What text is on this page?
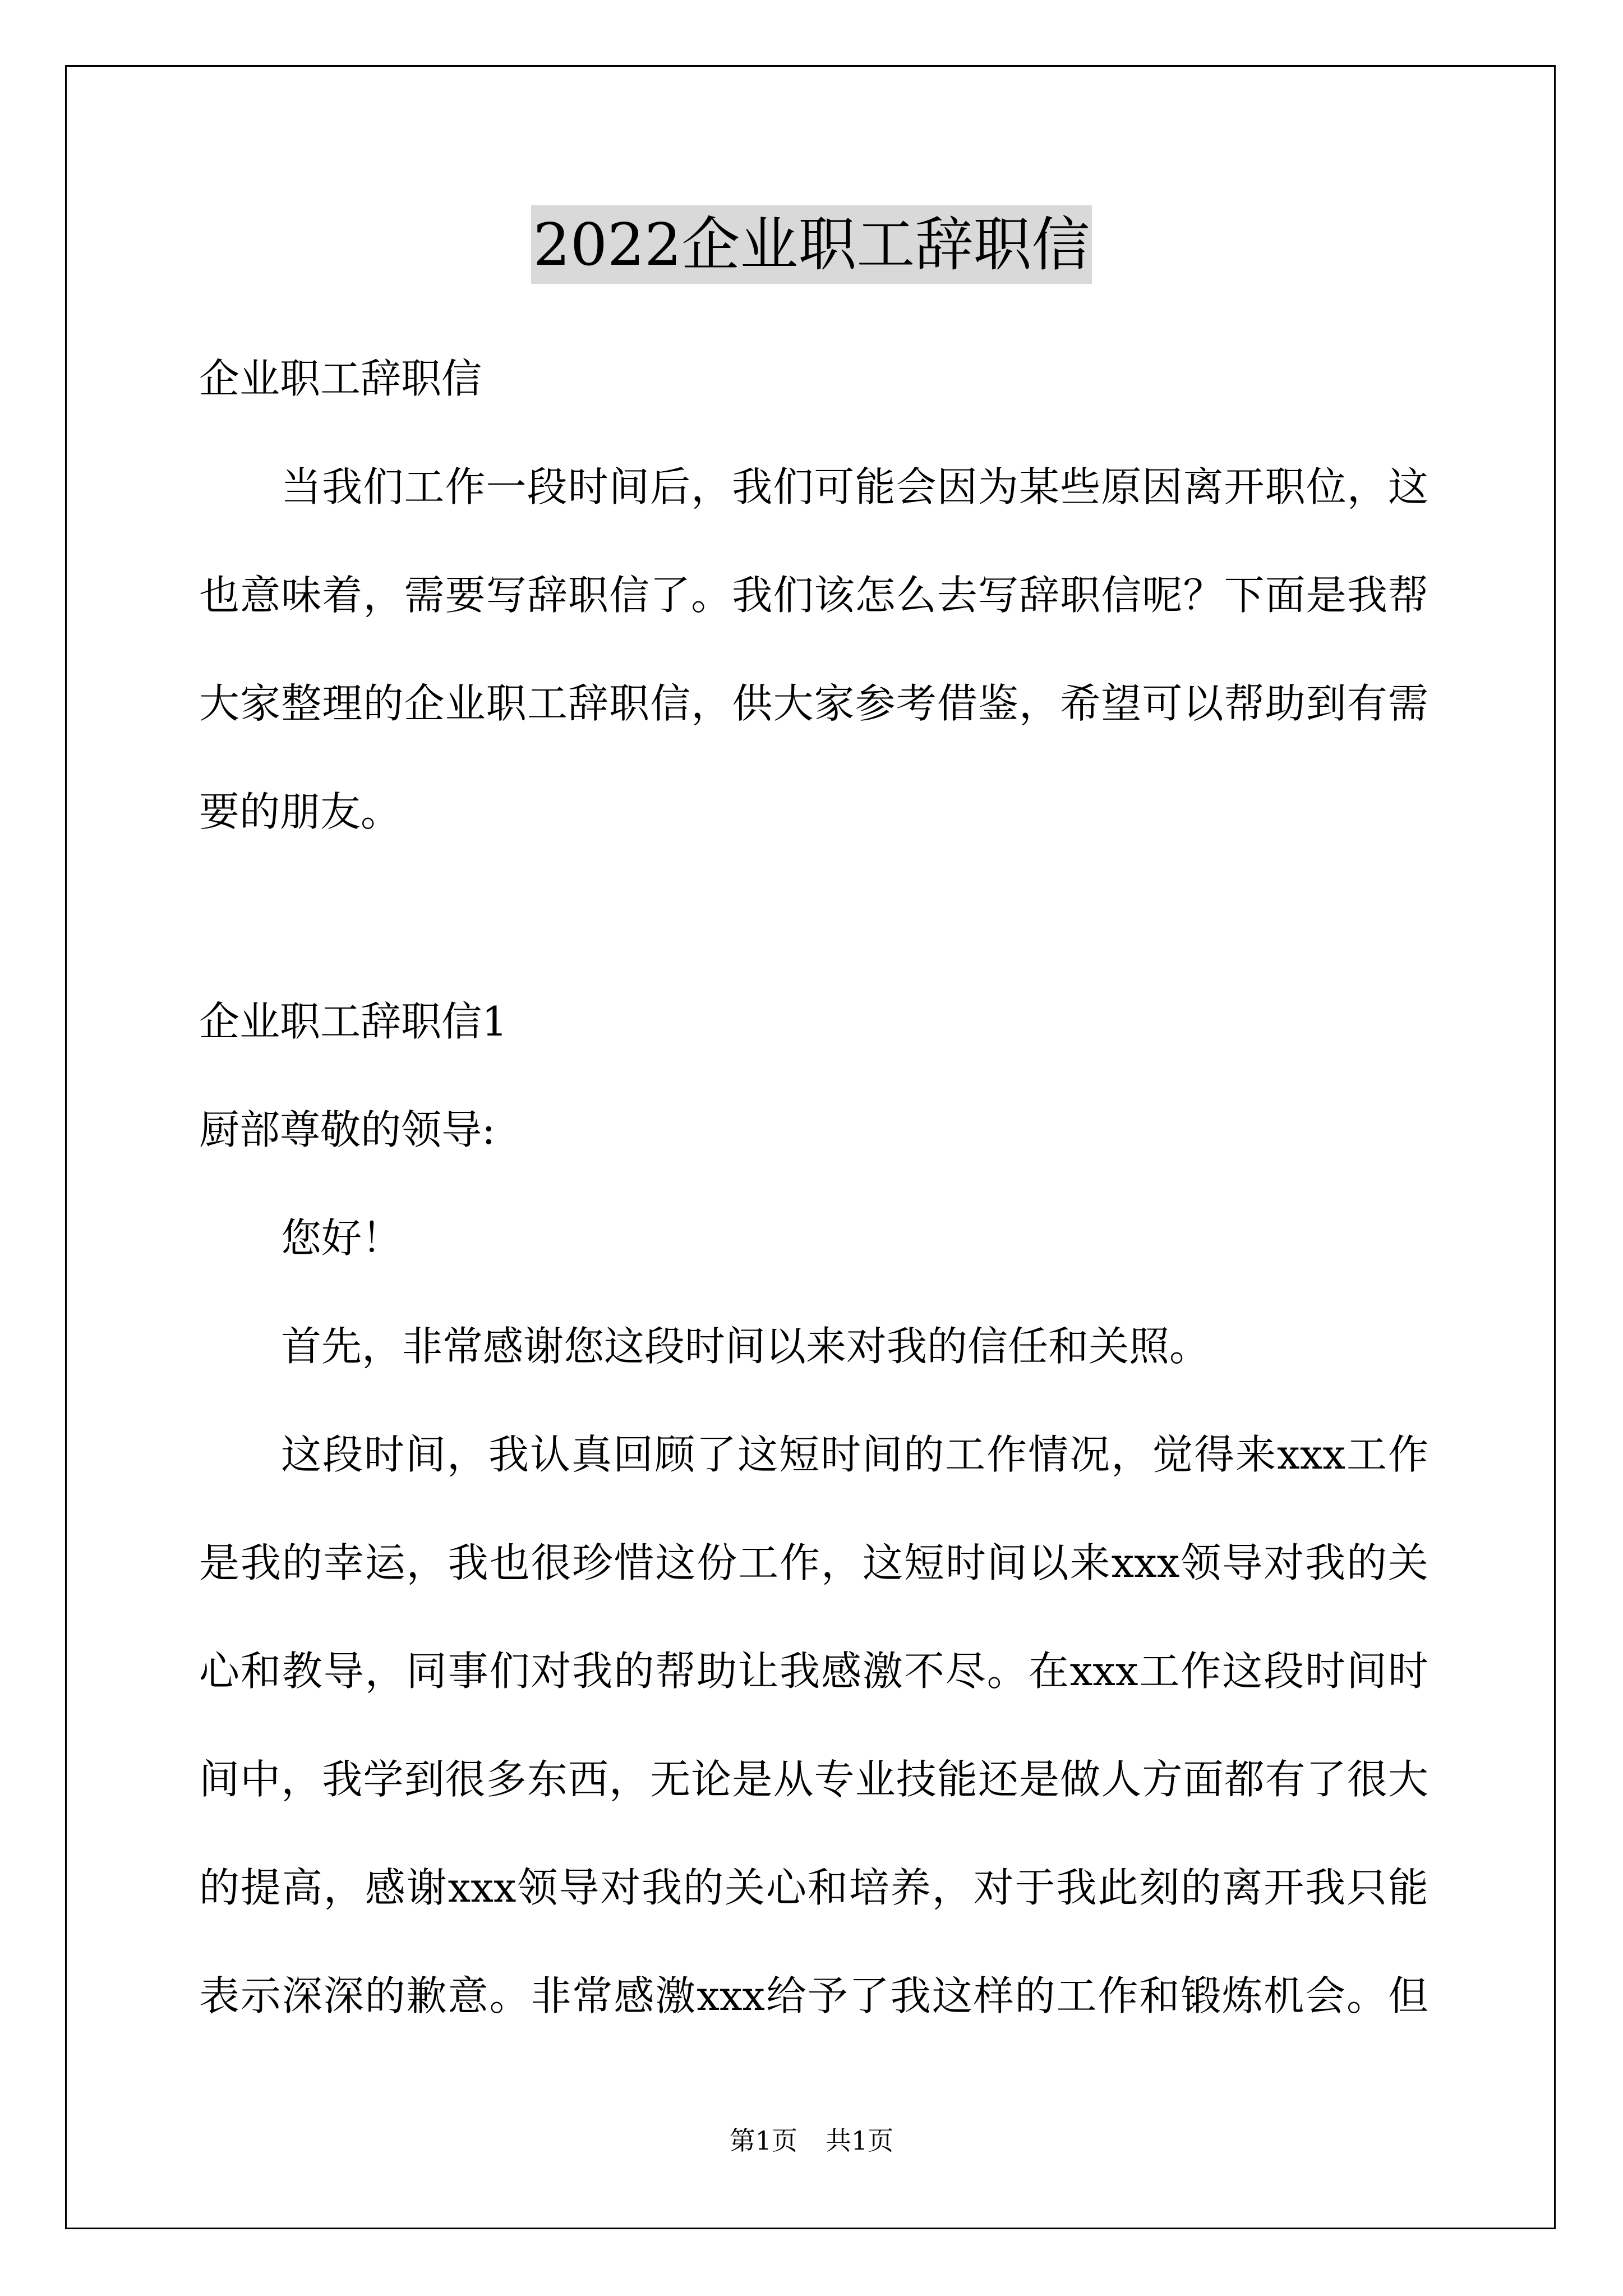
2022企业职工辞职信
企业职工辞职信
当我们工作一段时间后，我们可能会因为某些原因离开职位，这
也意味着，需要写辞职信了。我们该怎么去写辞职信呢？下面是我帮
大家整理的企业职工辞职信，供大家参考借鉴，希望可以帮助到有需
要的朋友。
企业职工辞职信1
厨部尊敬的领导:
您好！
首先，非常感谢您这段时间以来对我的信任和关照。
这段时间，我认真回顾了这短时间的工作情况，觉得来xxx工作
是我的幸运，我也很珍惜这份工作，这短时间以来xxx领导对我的关
心和教导，同事们对我的帮助让我感激不尽。在xxx工作这段时间时
间中，我学到很多东西，无论是从专业技能还是做人方面都有了很大
的提高，感谢xxx领导对我的关心和培养，对于我此刻的离开我只能
表示深深的歉意。非常感激xxx给予了我这样的工作和锻炼机会。但
第1页 共1页
